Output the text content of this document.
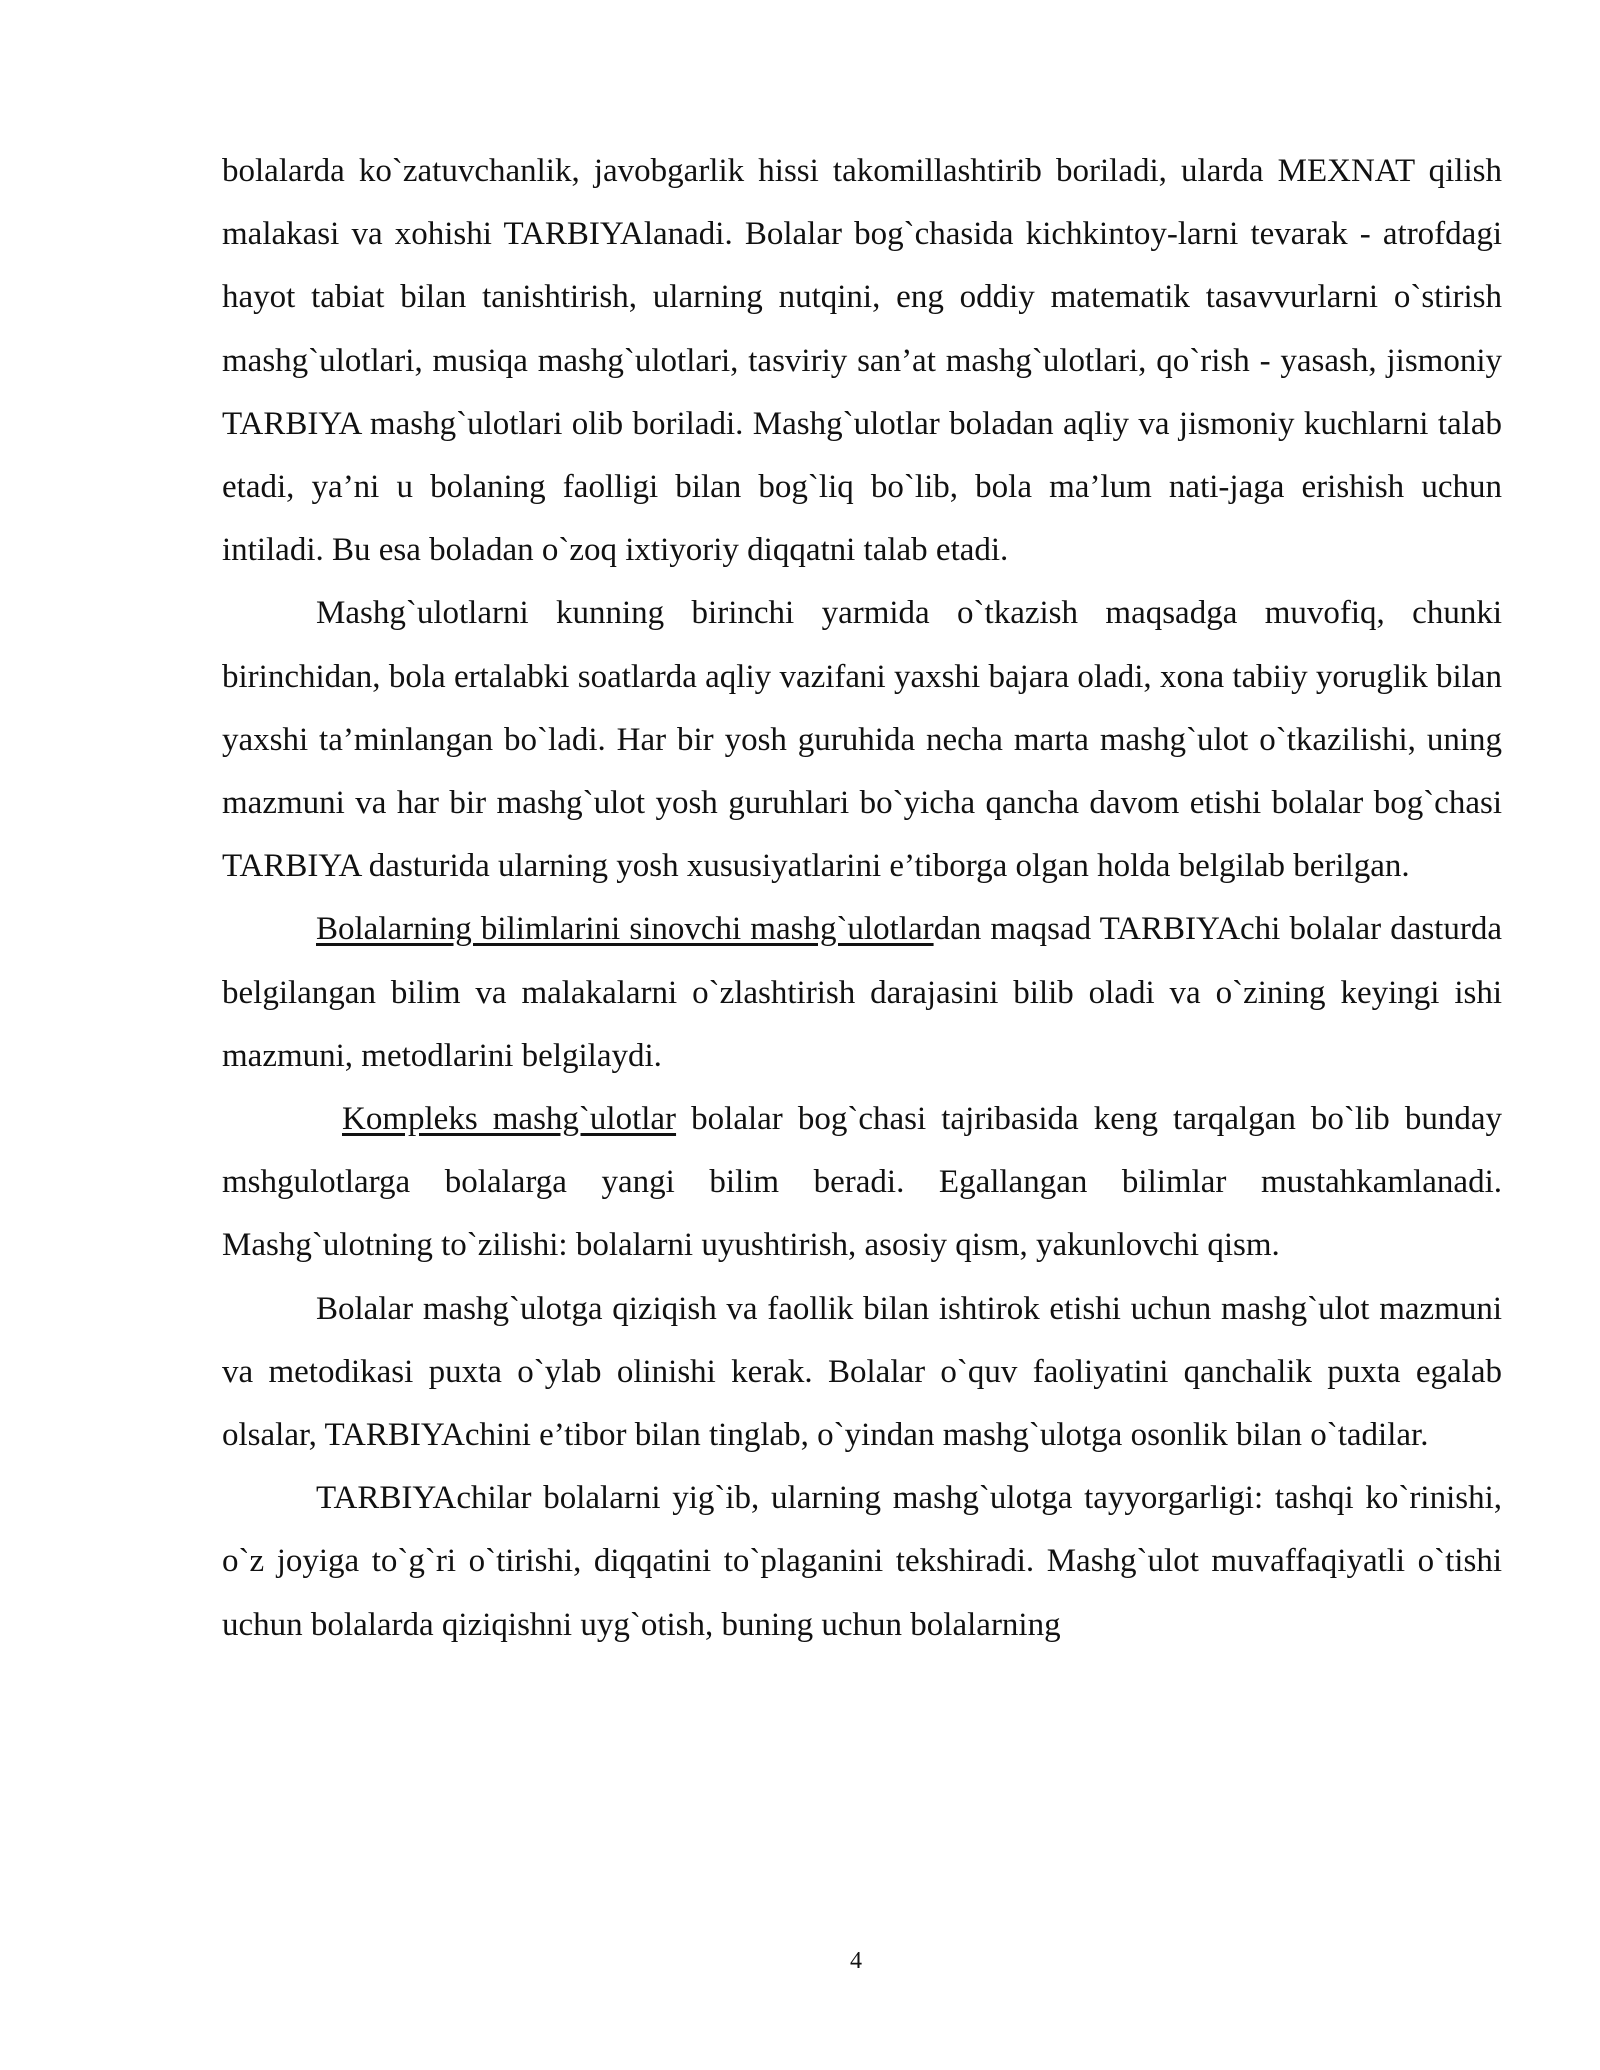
bolalarda ko`zatuvchanlik, javobgarlik hissi takomillashtirib boriladi, ularda MEXNAT qilish malakasi va xohishi TARBIYAlanadi. Bolalar bog`chasida kichkintoy-larni tevarak - atrofdagi hayot tabiat bilan tanishtirish, ularning nutqini, eng oddiy matematik tasavvurlarni o`stirish mashg`ulotlari, musiqa mashg`ulotlari, tasviriy san’at mashg`ulotlari, qo`rish - yasash, jismoniy TARBIYA mashg`ulotlari olib boriladi. Mashg`ulotlar boladan aqliy va jismoniy kuchlarni talab etadi, ya’ni u bolaning faolligi bilan bog`liq bo`lib, bola ma’lum nati-jaga erishish uchun intiladi. Bu esa boladan o`zoq ixtiyoriy diqqatni talab etadi.

Mashg`ulotlarni kunning birinchi yarmida o`tkazish maqsadga muvofiq, chunki birinchidan, bola ertalabki soatlarda aqliy vazifani yaxshi bajara oladi, xona tabiiy yoruglik bilan yaxshi ta’minlangan bo`ladi. Har bir yosh guruhida necha marta mashg`ulot o`tkazilishi, uning mazmuni va har bir mashg`ulot yosh guruhlari bo`yicha qancha davom etishi bolalar bog`chasi TARBIYA dasturida ularning yosh xususiyatlarini e’tiborga olgan holda belgilab berilgan.

Bolalarning bilimlarini sinovchi mashg`ulotlardan maqsad TARBIYAchi bolalar dasturda belgilangan bilim va malakalarni o`zlashtirish darajasini bilib oladi va o`zining keyingi ishi mazmuni, metodlarini belgilaydi.

Kompleks mashg`ulotlar bolalar bog`chasi tajribasida keng tarqalgan bo`lib bunday mshgulotlarga bolalarga yangi bilim beradi. Egallangan bilimlar mustahkamlanadi. Mashg`ulotning to`zilishi: bolalarni uyushtirish, asosiy qism, yakunlovchi qism.

Bolalar mashg`ulotga qiziqish va faollik bilan ishtirok etishi uchun mashg`ulot mazmuni va metodikasi puxta o`ylab olinishi kerak. Bolalar o`quv faoliyatini qanchalik puxta egalab olsalar, TARBIYAchini e’tibor bilan tinglab, o`yindan mashg`ulotga osonlik bilan o`tadilar.

TARBIYAchilar bolalarni yig`ib, ularning mashg`ulotga tayyorgarligi: tashqi ko`rinishi, o`z joyiga to`g`ri o`tirishi, diqqatini to`plaganini tekshiradi. Mashg`ulot muvaffaqiyatli o`tishi uchun bolalarda qiziqishni uyg`otish, buning uchun bolalarning

4
